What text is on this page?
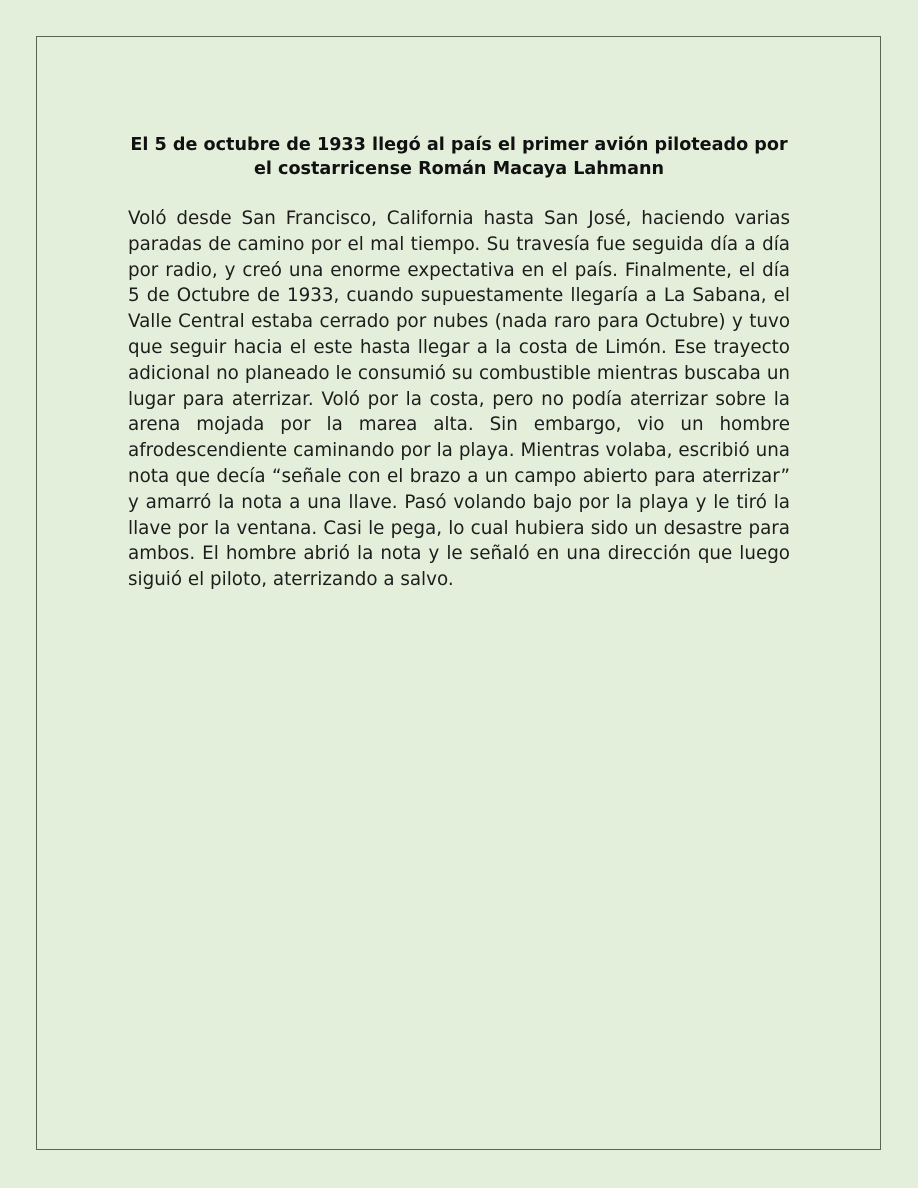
El 5 de octubre de 1933 llegó al país el primer avión piloteado por el costarricense Román Macaya Lahmann

Voló desde San Francisco, California hasta San José, haciendo varias paradas de camino por el mal tiempo. Su travesía fue seguida día a día por radio, y creó una enorme expectativa en el país. Finalmente, el día 5 de Octubre de 1933, cuando supuestamente llegaría a La Sabana, el Valle Central estaba cerrado por nubes (nada raro para Octubre) y tuvo que seguir hacia el este hasta llegar a la costa de Limón. Ese trayecto adicional no planeado le consumió su combustible mientras buscaba un lugar para aterrizar. Voló por la costa, pero no podía aterrizar sobre la arena mojada por la marea alta. Sin embargo, vio un hombre afrodescendiente caminando por la playa. Mientras volaba, escribió una nota que decía “señale con el brazo a un campo abierto para aterrizar” y amarró la nota a una llave. Pasó volando bajo por la playa y le tiró la llave por la ventana. Casi le pega, lo cual hubiera sido un desastre para ambos. El hombre abrió la nota y le señaló en una dirección que luego siguió el piloto, aterrizando a salvo.
